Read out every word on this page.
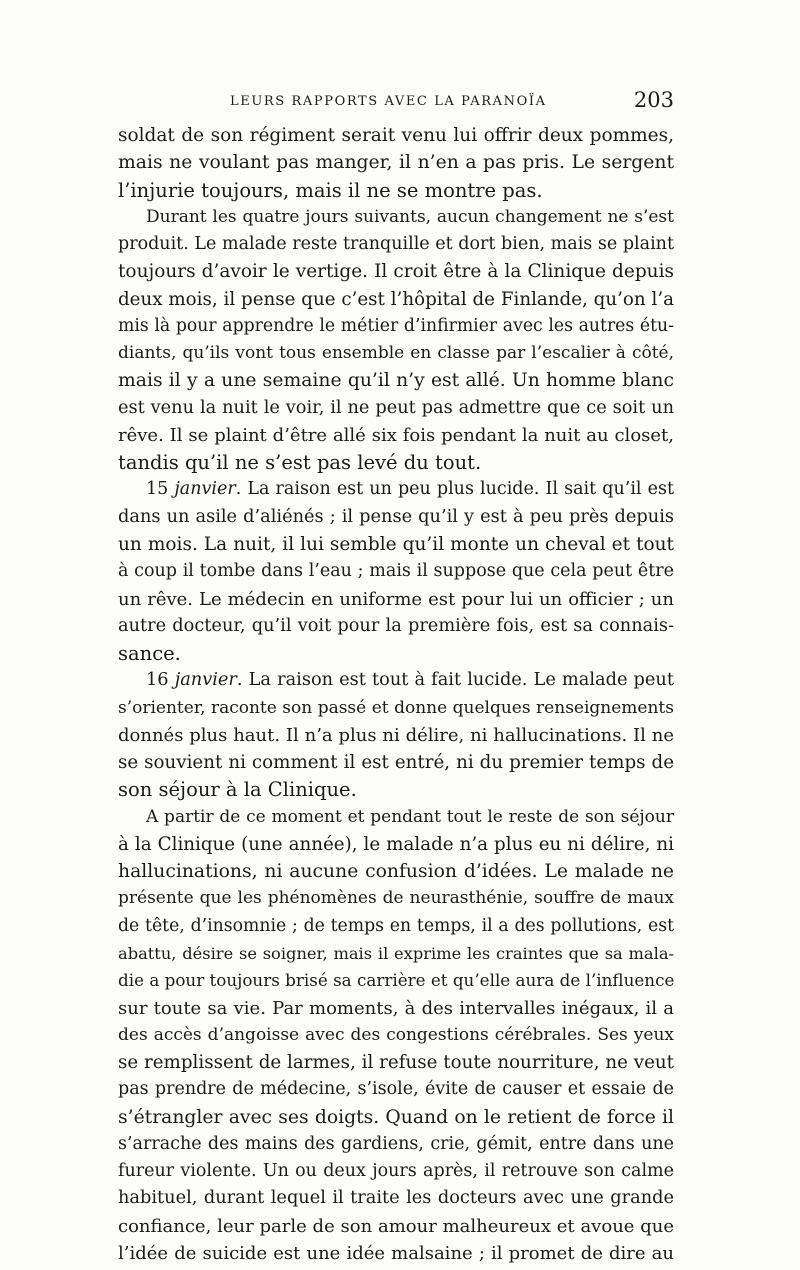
LEURS RAPPORTS AVEC LA PARANOÏA	203
soldat de son régiment serait venu lui offrir deux pommes,
mais ne voulant pas manger, il n’en a pas pris. Le sergent
l’injurie toujours, mais il ne se montre pas.
Durant les quatre jours suivants, aucun changement ne s’est
produit. Le malade reste tranquille et dort bien, mais se plaint
toujours d’avoir le vertige. Il croit être à la Clinique depuis
deux mois, il pense que c’est l’hôpital de Finlande, qu’on l’a
mis là pour apprendre le métier d’infirmier avec les autres étu-
diants, qu’ils vont tous ensemble en classe par l’escalier à côté,
mais il y a une semaine qu’il n’y est allé. Un homme blanc
est venu la nuit le voir, il ne peut pas admettre que ce soit un
rêve. Il se plaint d’être allé six fois pendant la nuit au closet,
tandis qu’il ne s’est pas levé du tout.
15 janvier. La raison est un peu plus lucide. Il sait qu’il est
dans un asile d’aliénés ; il pense qu’il y est à peu près depuis
un mois. La nuit, il lui semble qu’il monte un cheval et tout
à coup il tombe dans l’eau ; mais il suppose que cela peut être
un rêve. Le médecin en uniforme est pour lui un officier ; un
autre docteur, qu’il voit pour la première fois, est sa connais-
sance.
16 janvier. La raison est tout à fait lucide. Le malade peut
s’orienter, raconte son passé et donne quelques renseignements
donnés plus haut. Il n’a plus ni délire, ni hallucinations. Il ne
se souvient ni comment il est entré, ni du premier temps de
son séjour à la Clinique.
A partir de ce moment et pendant tout le reste de son séjour
à la Clinique (une année), le malade n’a plus eu ni délire, ni
hallucinations, ni aucune confusion d’idées. Le malade ne
présente que les phénomènes de neurasthénie, souffre de maux
de tête, d’insomnie ; de temps en temps, il a des pollutions, est
abattu, désire se soigner, mais il exprime les craintes que sa mala-
die a pour toujours brisé sa carrière et qu’elle aura de l’influence
sur toute sa vie. Par moments, à des intervalles inégaux, il a
des accès d’angoisse avec des congestions cérébrales. Ses yeux
se remplissent de larmes, il refuse toute nourriture, ne veut
pas prendre de médecine, s’isole, évite de causer et essaie de
s’étrangler avec ses doigts. Quand on le retient de force il
s’arrache des mains des gardiens, crie, gémit, entre dans une
fureur violente. Un ou deux jours après, il retrouve son calme
habituel, durant lequel il traite les docteurs avec une grande
confiance, leur parle de son amour malheureux et avoue que
l’idée de suicide est une idée malsaine ; il promet de dire au
